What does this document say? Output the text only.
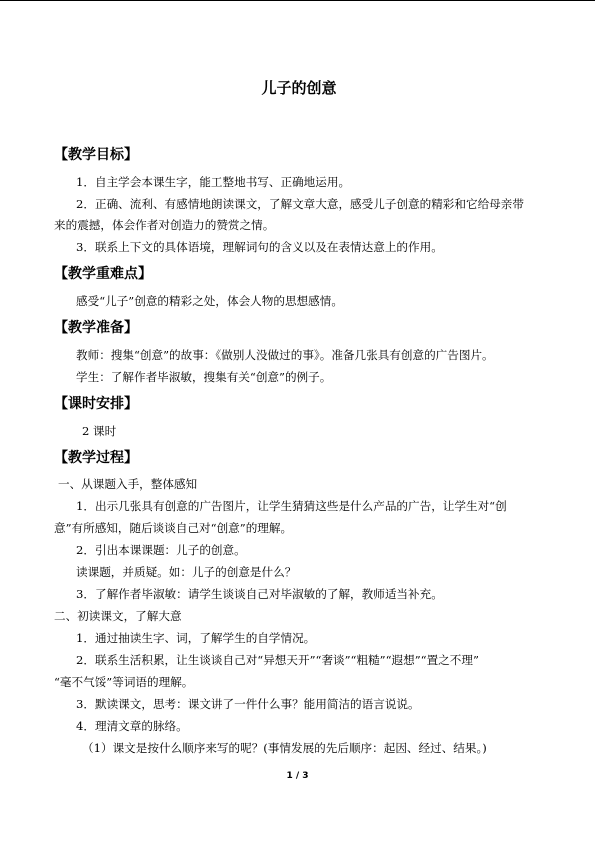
儿子的创意
【教学目标】
1．自主学会本课生字，能工整地书写、正确地运用。
2．正确、流利、有感情地朗读课文，了解文章大意，感受儿子创意的精彩和它给母亲带
来的震撼，体会作者对创造力的赞赏之情。
3．联系上下文的具体语境，理解词句的含义以及在表情达意上的作用。
【教学重难点】
感受“儿子”创意的精彩之处，体会人物的思想感情。
【教学准备】
教师：搜集“创意”的故事：《做别人没做过的事》。准备几张具有创意的广告图片。
学生：了解作者毕淑敏，搜集有关“创意”的例子。
【课时安排】
2 课时
【教学过程】
一、从课题入手，整体感知
1．出示几张具有创意的广告图片，让学生猜猜这些是什么产品的广告，让学生对“创
意”有所感知，随后谈谈自己对“创意”的理解。
2．引出本课课题：儿子的创意。
读课题，并质疑。如：儿子的创意是什么？
3．了解作者毕淑敏：请学生谈谈自己对毕淑敏的了解，教师适当补充。
二、初读课文，了解大意
1．通过抽读生字、词，了解学生的自学情况。
2．联系生活积累，让生谈谈自己对“异想天开”“奢谈”“粗糙”“遐想”“置之不理”
“毫不气馁”等词语的理解。
3．默读课文，思考：课文讲了一件什么事？能用简洁的语言说说。
4．理清文章的脉络。
（1）课文是按什么顺序来写的呢？(事情发展的先后顺序：起因、经过、结果。)
1 / 3
